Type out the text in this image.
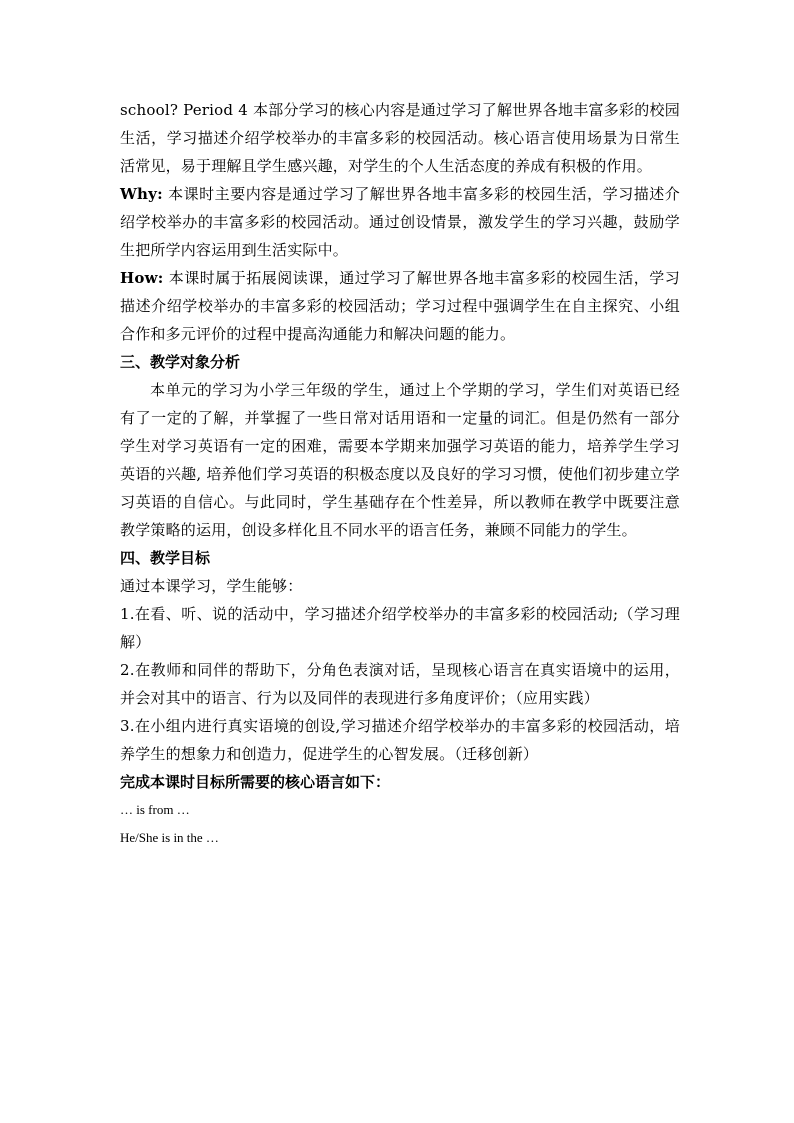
school? Period 4 本部分学习的核心内容是通过学习了解世界各地丰富多彩的校园生活，学习描述介绍学校举办的丰富多彩的校园活动。核心语言使用场景为日常生活常见，易于理解且学生感兴趣，对学生的个人生活态度的养成有积极的作用。

Why: 本课时主要内容是通过学习了解世界各地丰富多彩的校园生活，学习描述介绍学校举办的丰富多彩的校园活动。通过创设情景，激发学生的学习兴趣，鼓励学生把所学内容运用到生活实际中。

How: 本课时属于拓展阅读课，通过学习了解世界各地丰富多彩的校园生活，学习描述介绍学校举办的丰富多彩的校园活动；学习过程中强调学生在自主探究、小组合作和多元评价的过程中提高沟通能力和解决问题的能力。

三、教学对象分析

本单元的学习为小学三年级的学生，通过上个学期的学习，学生们对英语已经有了一定的了解，并掌握了一些日常对话用语和一定量的词汇。但是仍然有一部分学生对学习英语有一定的困难，需要本学期来加强学习英语的能力，培养学生学习英语的兴趣, 培养他们学习英语的积极态度以及良好的学习习惯，使他们初步建立学习英语的自信心。与此同时，学生基础存在个性差异，所以教师在教学中既要注意教学策略的运用，创设多样化且不同水平的语言任务，兼顾不同能力的学生。

四、教学目标

通过本课学习，学生能够：

1.在看、听、说的活动中，学习描述介绍学校举办的丰富多彩的校园活动;（学习理解）

2.在教师和同伴的帮助下，分角色表演对话，呈现核心语言在真实语境中的运用，并会对其中的语言、行为以及同伴的表现进行多角度评价；（应用实践）

3.在小组内进行真实语境的创设,学习描述介绍学校举办的丰富多彩的校园活动，培养学生的想象力和创造力，促进学生的心智发展。（迁移创新）

完成本课时目标所需要的核心语言如下：

… is from …

He/She is in the …
